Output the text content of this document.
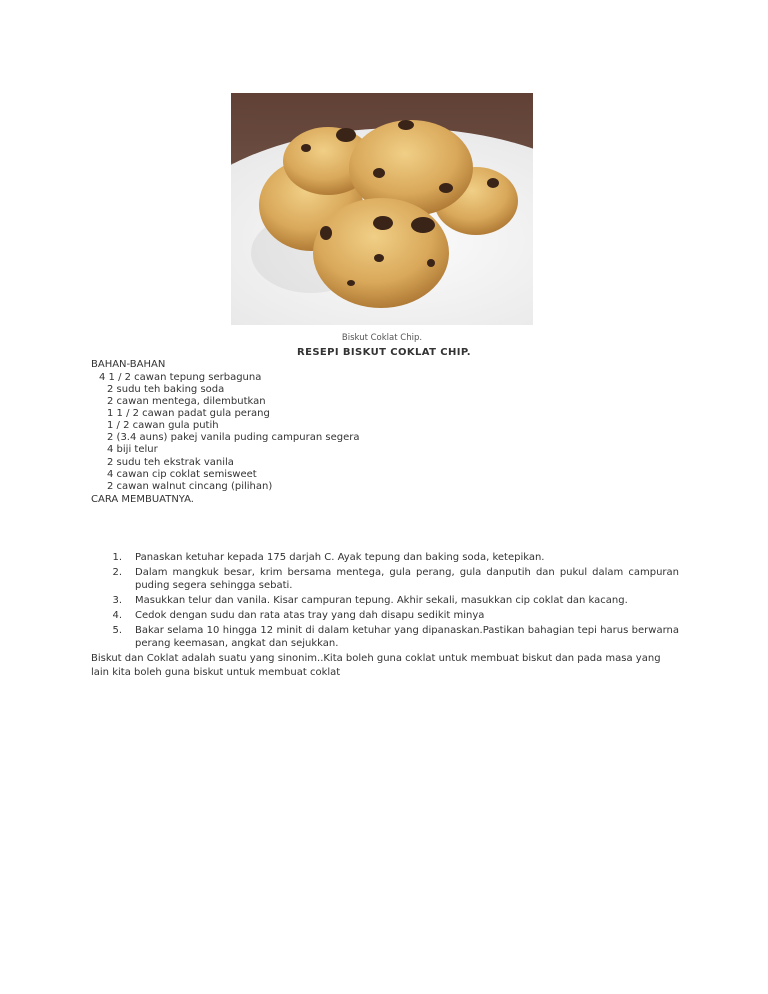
Biskut Coklat Chip.
RESEPI BISKUT COKLAT CHIP.
BAHAN-BAHAN
4 1 / 2 cawan tepung serbaguna
2 sudu teh baking soda
2 cawan mentega, dilembutkan
1 1 / 2 cawan padat gula perang
1 / 2 cawan gula putih
2 (3.4 auns) pakej vanila puding campuran segera
4 biji telur
2 sudu teh ekstrak vanila
4 cawan cip coklat semisweet
2 cawan walnut cincang (pilihan)
CARA MEMBUATNYA.
1. Panaskan ketuhar kepada 175 darjah C. Ayak tepung dan baking soda, ketepikan.
2. Dalam mangkuk besar, krim bersama mentega, gula perang, gula danputih dan pukul dalam campuran puding segera sehingga sebati.
3. Masukkan telur dan vanila. Kisar campuran tepung. Akhir sekali, masukkan cip coklat dan kacang.
4. Cedok dengan sudu dan rata atas tray yang dah disapu sedikit minya
5. Bakar selama 10 hingga 12 minit di dalam ketuhar yang dipanaskan.Pastikan bahagian tepi harus berwarna perang keemasan, angkat dan sejukkan.
Biskut dan Coklat adalah suatu yang sinonim..Kita boleh guna coklat untuk membuat biskut dan pada masa yang lain kita boleh guna biskut untuk membuat coklat
